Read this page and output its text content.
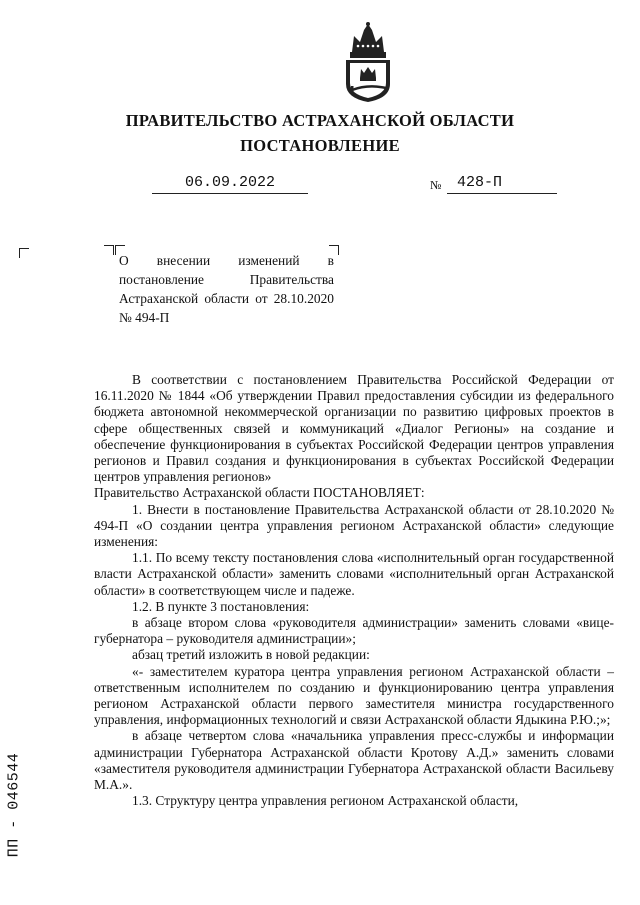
ПРАВИТЕЛЬСТВО АСТРАХАНСКОЙ ОБЛАСТИ
ПОСТАНОВЛЕНИЕ
06.09.2022	№ 428-П
О внесении изменений в постановление Правительства Астраханской области от 28.10.2020 № 494-П

В соответствии с постановлением Правительства Российской Федерации от 16.11.2020 № 1844 «Об утверждении Правил предоставления субсидии из федерального бюджета автономной некоммерческой организации по развитию цифровых проектов в сфере общественных связей и коммуникаций «Диалог Регионы» на создание и обеспечение функционирования в субъектах Российской Федерации центров управления регионов и Правил создания и функционирования в субъектах Российской Федерации центров управления регионов»

Правительство Астраханской области ПОСТАНОВЛЯЕТ:

1. Внести в постановление Правительства Астраханской области от 28.10.2020 № 494-П «О создании центра управления регионом Астраханской области» следующие изменения:

1.1. По всему тексту постановления слова «исполнительный орган государственной власти Астраханской области» заменить словами «исполнительный орган Астраханской области» в соответствующем числе и падеже.

1.2. В пункте 3 постановления:

в абзаце втором слова «руководителя администрации» заменить словами «вице-губернатора – руководителя администрации»;

абзац третий изложить в новой редакции:

«- заместителем куратора центра управления регионом Астраханской области – ответственным исполнителем по созданию и функционированию центра управления регионом Астраханской области первого заместителя министра государственного управления, информационных технологий и связи Астраханской области Ядыкина Р.Ю.;»;

в абзаце четвертом слова «начальника управления пресс-службы и информации администрации Губернатора Астраханской области Кротову А.Д.» заменить словами «заместителя руководителя администрации Губернатора Астраханской области Васильеву М.А.».

1.3. Структуру центра управления регионом Астраханской области,

ПП - 046544
